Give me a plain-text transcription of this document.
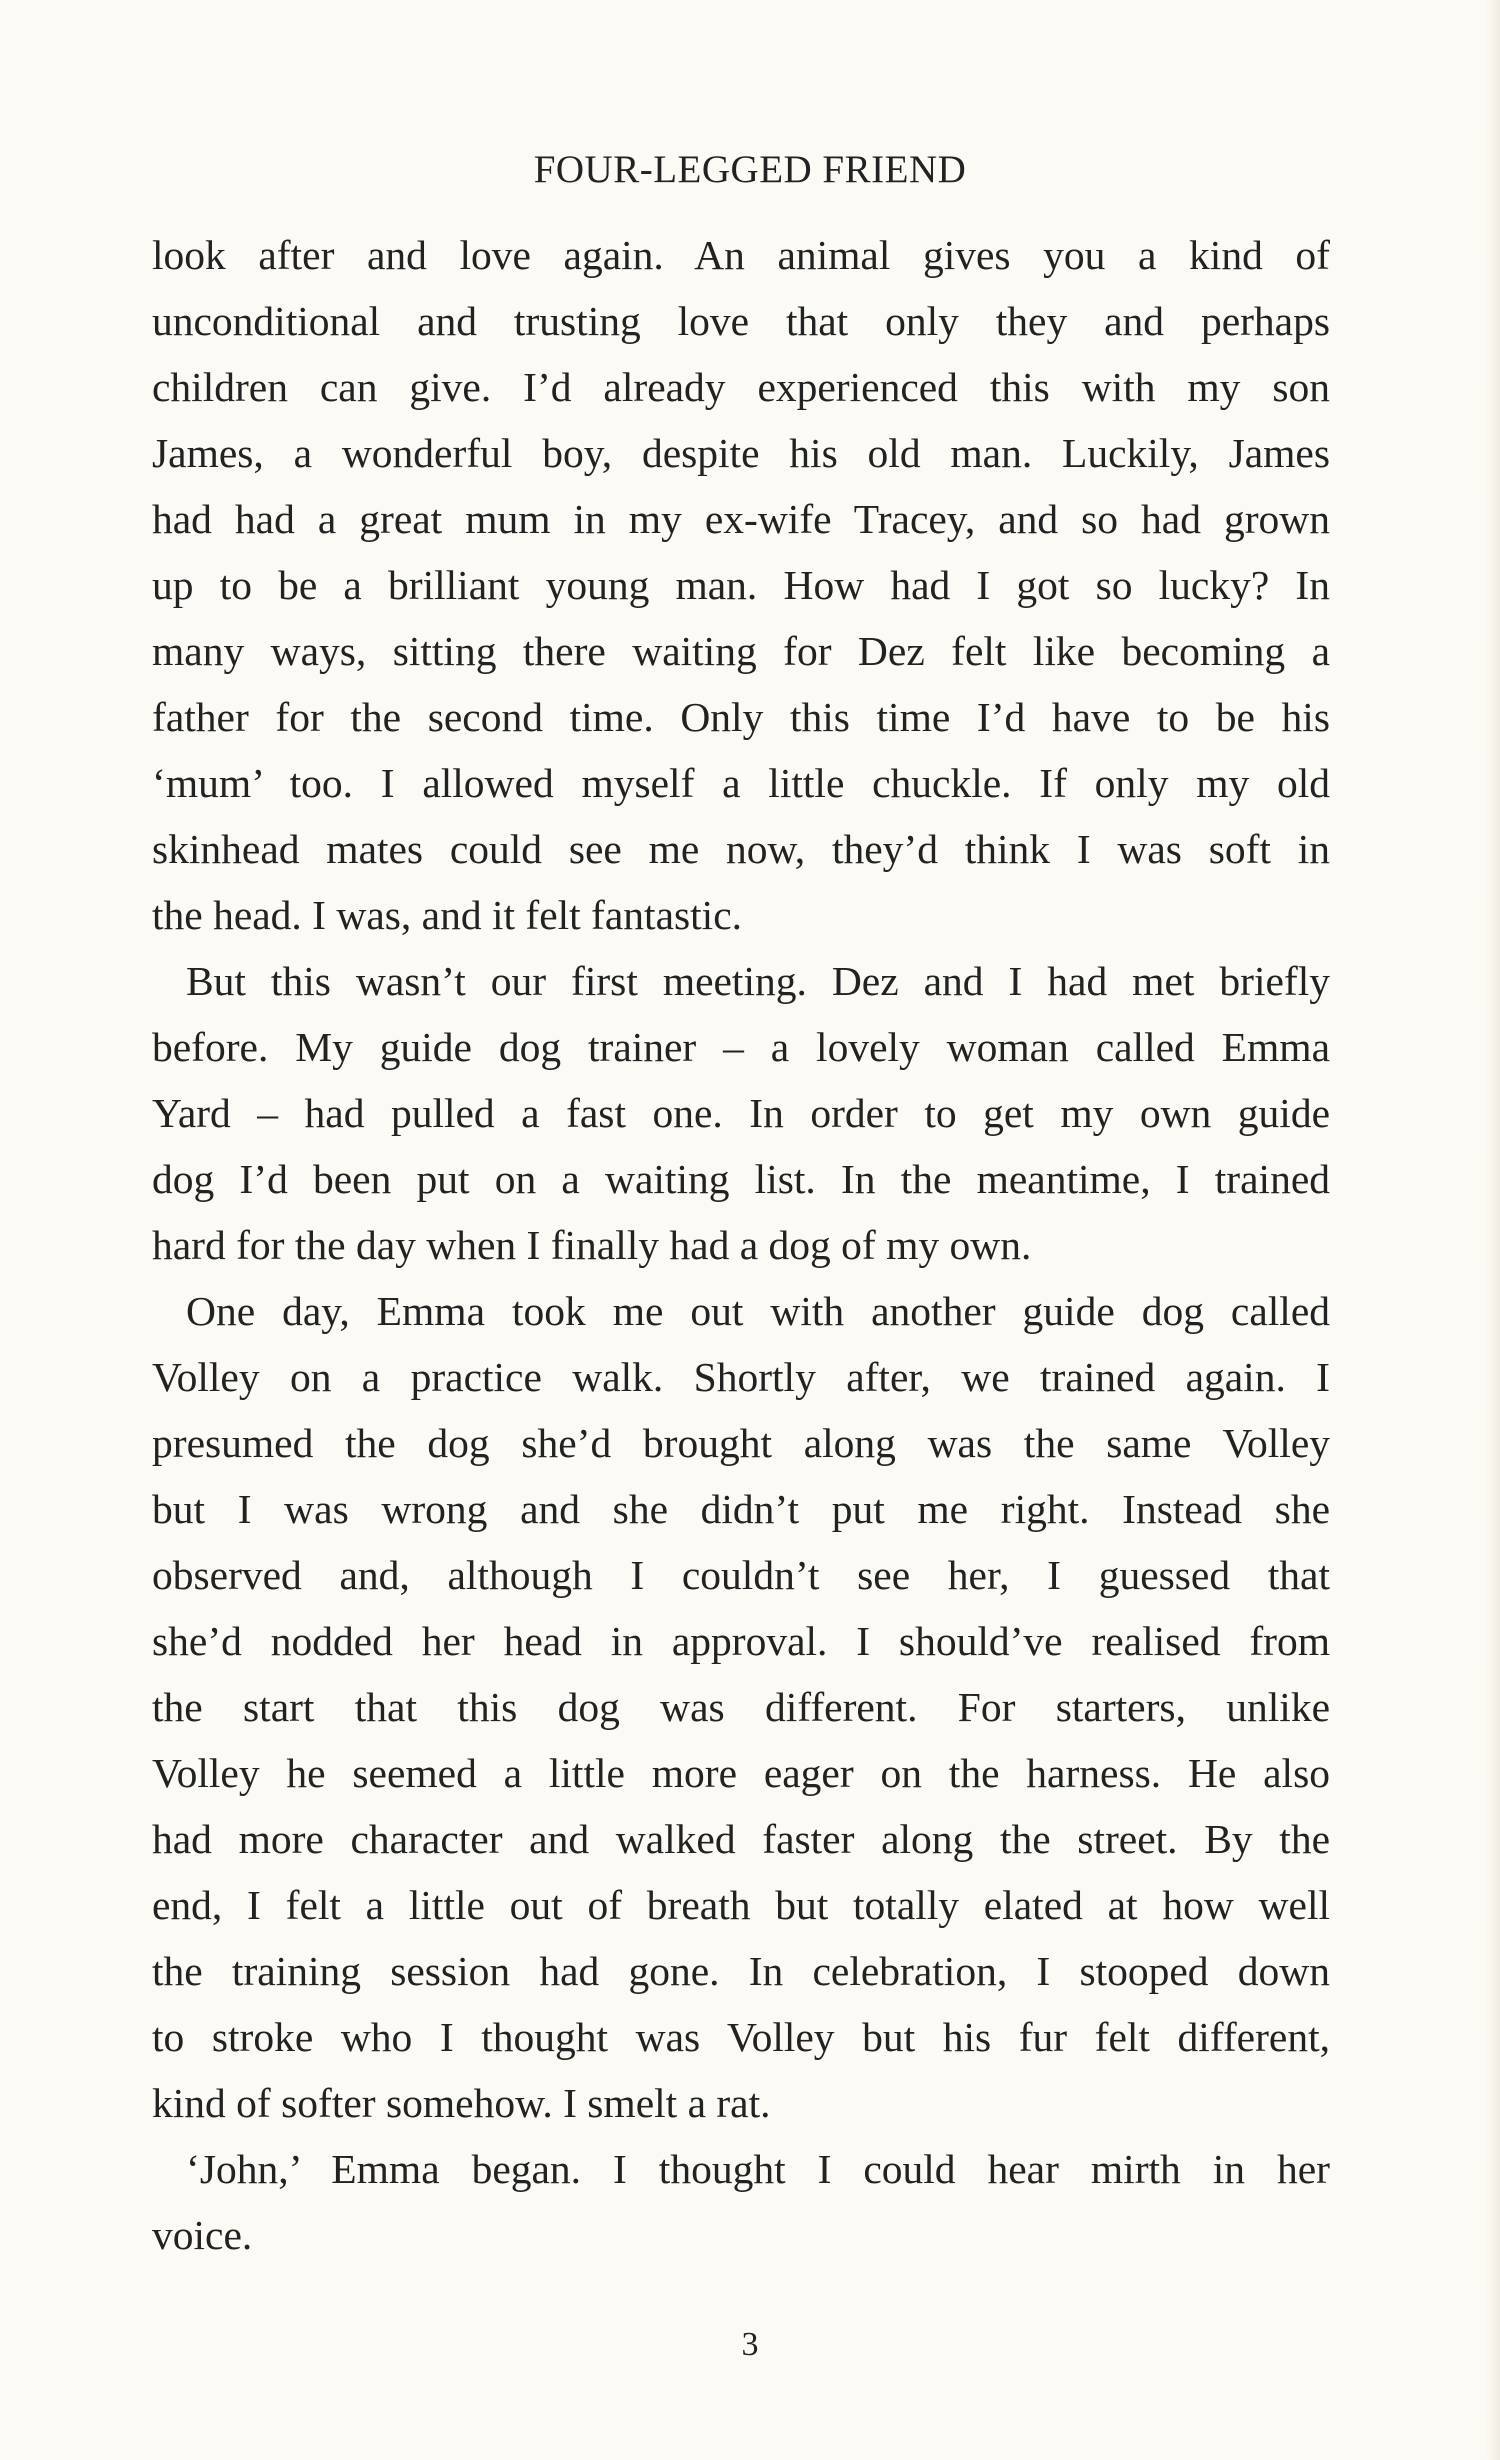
FOUR-LEGGED FRIEND
look after and love again. An animal gives you a kind of
unconditional and trusting love that only they and perhaps
children can give. I’d already experienced this with my son
James, a wonderful boy, despite his old man. Luckily, James
had had a great mum in my ex-wife Tracey, and so had grown
up to be a brilliant young man. How had I got so lucky? In
many ways, sitting there waiting for Dez felt like becoming a
father for the second time. Only this time I’d have to be his
‘mum’ too. I allowed myself a little chuckle. If only my old
skinhead mates could see me now, they’d think I was soft in
the head. I was, and it felt fantastic.
But this wasn’t our first meeting. Dez and I had met briefly
before. My guide dog trainer – a lovely woman called Emma
Yard – had pulled a fast one. In order to get my own guide
dog I’d been put on a waiting list. In the meantime, I trained
hard for the day when I finally had a dog of my own.
One day, Emma took me out with another guide dog called
Volley on a practice walk. Shortly after, we trained again. I
presumed the dog she’d brought along was the same Volley
but I was wrong and she didn’t put me right. Instead she
observed and, although I couldn’t see her, I guessed that
she’d nodded her head in approval. I should’ve realised from
the start that this dog was different. For starters, unlike
Volley he seemed a little more eager on the harness. He also
had more character and walked faster along the street. By the
end, I felt a little out of breath but totally elated at how well
the training session had gone. In celebration, I stooped down
to stroke who I thought was Volley but his fur felt different,
kind of softer somehow. I smelt a rat.
‘John,’ Emma began. I thought I could hear mirth in her
voice.
3
